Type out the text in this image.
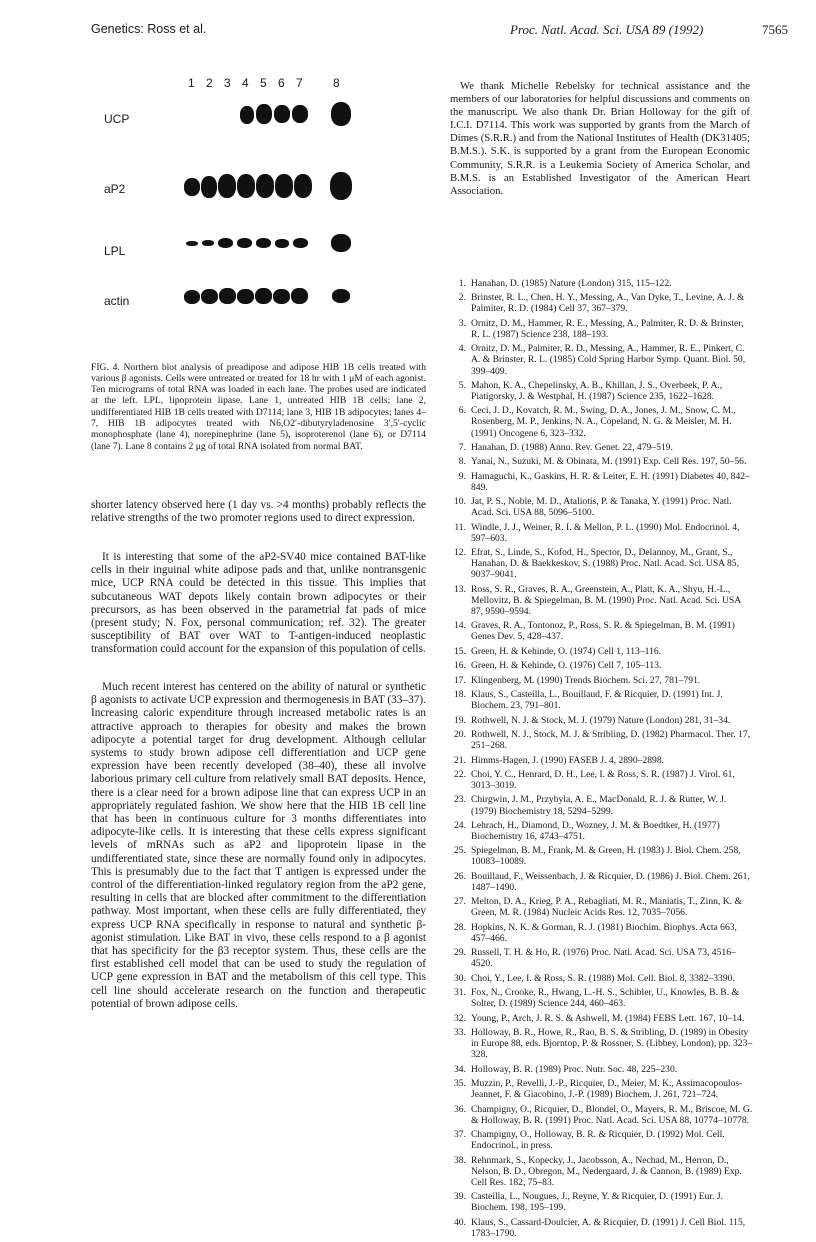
Genetics: Ross et al.	Proc. Natl. Acad. Sci. USA 89 (1992)	7565
1 2 3 4 5 6 7	8
UCP
aP2
LPL
actin

FIG. 4. Northern blot analysis of preadipose and adipose HIB 1B cells treated with various β agonists. Cells were untreated or treated for 18 hr with 1 μM of each agonist. Ten micrograms of total RNA was loaded in each lane. The probes used are indicated at the left. LPL, lipoprotein lipase. Lane 1, untreated HIB 1B cells; lane 2, undifferentiated HIB 1B cells treated with D7114; lane 3, HIB 1B adipocytes; lanes 4–7, HIB 1B adipocytes treated with N6,O2′-dibutyryladenosine 3′,5′-cyclic monophosphate (lane 4), norepinephrine (lane 5), isoproterenol (lane 6), or D7114 (lane 7). Lane 8 contains 2 μg of total RNA isolated from normal BAT.

shorter latency observed here (1 day vs. >4 months) probably reflects the relative strengths of the two promoter regions used to direct expression.

It is interesting that some of the aP2-SV40 mice contained BAT-like cells in their inguinal white adipose pads and that, unlike nontransgenic mice, UCP RNA could be detected in this tissue. This implies that subcutaneous WAT depots likely contain brown adipocytes or their precursors, as has been observed in the parametrial fat pads of mice (present study; N. Fox, personal communication; ref. 32). The greater susceptibility of BAT over WAT to T-antigen-induced neoplastic transformation could account for the expansion of this population of cells.

Much recent interest has centered on the ability of natural or synthetic β agonists to activate UCP expression and thermogenesis in BAT (33–37). Increasing caloric expenditure through increased metabolic rates is an attractive approach to therapies for obesity and makes the brown adipocyte a potential target for drug development. Although cellular systems to study brown adipose cell differentiation and UCP gene expression have been recently developed (38–40), these all involve laborious primary cell culture from relatively small BAT deposits. Hence, there is a clear need for a brown adipose line that can express UCP in an appropriately regulated fashion. We show here that the HIB 1B cell line that has been in continuous culture for 3 months differentiates into adipocyte-like cells. It is interesting that these cells express significant levels of mRNAs such as aP2 and lipoprotein lipase in the undifferentiated state, since these are normally found only in adipocytes. This is presumably due to the fact that T antigen is expressed under the control of the differentiation-linked regulatory region from the aP2 gene, resulting in cells that are blocked after commitment to the differentiation pathway. Most important, when these cells are fully differentiated, they express UCP RNA specifically in response to natural and synthetic β-agonist stimulation. Like BAT in vivo, these cells respond to a β agonist that has specificity for the β3 receptor system. Thus, these cells are the first established cell model that can be used to study the regulation of UCP gene expression in BAT and the metabolism of this cell type. This cell line should accelerate research on the function and therapeutic potential of brown adipose cells.

We thank Michelle Rebelsky for technical assistance and the members of our laboratories for helpful discussions and comments on the manuscript. We also thank Dr. Brian Holloway for the gift of I.C.I. D7114. This work was supported by grants from the March of Dimes (S.R.R.) and from the National Institutes of Health (DK31405; B.M.S.). S.K. is supported by a grant from the European Economic Community, S.R.R. is a Leukemia Society of America Scholar, and B.M.S. is an Established Investigator of the American Heart Association.

1. Hanahan, D. (1985) Nature (London) 315, 115–122.
2. Brinster, R. L., Chen, H. Y., Messing, A., Van Dyke, T., Levine, A. J. & Palmiter, R. D. (1984) Cell 37, 367–379.
3. Ornitz, D. M., Hammer, R. E., Messing, A., Palmiter, R. D. & Brinster, R. L. (1987) Science 238, 188–193.
4. Ornitz, D. M., Palmiter, R. D., Messing, A., Hammer, R. E., Pinkert, C. A. & Brinster, R. L. (1985) Cold Spring Harbor Symp. Quant. Biol. 50, 399–409.
5. Mahon, K. A., Chepelinsky, A. B., Khillan, J. S., Overbeek, P. A., Piatigorsky, J. & Westphal, H. (1987) Science 235, 1622–1628.
6. Ceci, J. D., Kovatch, R. M., Swing, D. A., Jones, J. M., Snow, C. M., Rosenberg, M. P., Jenkins, N. A., Copeland, N. G. & Meisler, M. H. (1991) Oncogene 6, 323–332.
7. Hanahan, D. (1988) Annu. Rev. Genet. 22, 479–519.
8. Yanai, N., Suzuki, M. & Obinata, M. (1991) Exp. Cell Res. 197, 50–56.
9. Hamaguchi, K., Gaskins, H. R. & Leiter, E. H. (1991) Diabetes 40, 842–849.
10. Jat, P. S., Noble, M. D., Ataliotis, P. & Tanaka, Y. (1991) Proc. Natl. Acad. Sci. USA 88, 5096–5100.
11. Windle, J. J., Weiner, R. I. & Mellon, P. L. (1990) Mol. Endocrinol. 4, 597–603.
12. Efrat, S., Linde, S., Kofod, H., Spector, D., Delannoy, M., Grant, S., Hanahan, D. & Baekkeskov, S. (1988) Proc. Natl. Acad. Sci. USA 85, 9037–9041.
13. Ross, S. R., Graves, R. A., Greenstein, A., Platt, K. A., Shyu, H.-L., Mellovitz, B. & Spiegelman, B. M. (1990) Proc. Natl. Acad. Sci. USA 87, 9590–9594.
14. Graves, R. A., Tontonoz, P., Ross, S. R. & Spiegelman, B. M. (1991) Genes Dev. 5, 428–437.
15. Green, H. & Kehinde, O. (1974) Cell 1, 113–116.
16. Green, H. & Kehinde, O. (1976) Cell 7, 105–113.
17. Klingenberg, M. (1990) Trends Biochem. Sci. 27, 781–791.
18. Klaus, S., Casteilla, L., Bouillaud, F. & Ricquier, D. (1991) Int. J. Biochem. 23, 791–801.
19. Rothwell, N. J. & Stock, M. J. (1979) Nature (London) 281, 31–34.
20. Rothwell, N. J., Stock, M. J. & Stribling, D. (1982) Pharmacol. Ther. 17, 251–268.
21. Himms-Hagen, J. (1990) FASEB J. 4, 2890–2898.
22. Choi, Y. C., Henrard, D. H., Lee, I. & Ross, S. R. (1987) J. Virol. 61, 3013–3019.
23. Chirgwin, J. M., Przybyla, A. E., MacDonald, R. J. & Rutter, W. J. (1979) Biochemistry 18, 5294–5299.
24. Lehrach, H., Diamond, D., Wozney, J. M. & Boedtker, H. (1977) Biochemistry 16, 4743–4751.
25. Spiegelman, B. M., Frank, M. & Green, H. (1983) J. Biol. Chem. 258, 10083–10089.
26. Bouillaud, F., Weissenbach, J. & Ricquier, D. (1986) J. Biol. Chem. 261, 1487–1490.
27. Melton, D. A., Krieg, P. A., Rebagliati, M. R., Maniatis, T., Zinn, K. & Green, M. R. (1984) Nucleic Acids Res. 12, 7035–7056.
28. Hopkins, N. K. & Gorman, R. J. (1981) Biochim. Biophys. Acta 663, 457–466.
29. Russell, T. H. & Ho, R. (1976) Proc. Natl. Acad. Sci. USA 73, 4516–4520.
30. Choi, Y., Lee, I. & Ross, S. R. (1988) Mol. Cell. Biol. 8, 3382–3390.
31. Fox, N., Crooke, R., Hwang, L.-H. S., Schibler, U., Knowles, B. B. & Solter, D. (1989) Science 244, 460–463.
32. Young, P., Arch, J. R. S. & Ashwell, M. (1984) FEBS Lett. 167, 10–14.
33. Holloway, B. R., Howe, R., Rao, B. S. & Stribling, D. (1989) in Obesity in Europe 88, eds. Bjorntop, P. & Rossner, S. (Libbey, London), pp. 323–328.
34. Holloway, B. R. (1989) Proc. Nutr. Soc. 48, 225–230.
35. Muzzin, P., Revelli, J.-P., Ricquier, D., Meier, M. K., Assimacopoulos-Jeannet, F. & Giacobino, J.-P. (1989) Biochem. J. 261, 721–724.
36. Champigny, O., Ricquier, D., Blondel, O., Mayers, R. M., Briscoe, M. G. & Holloway, B. R. (1991) Proc. Natl. Acad. Sci. USA 88, 10774–10778.
37. Champigny, O., Holloway, B. R. & Ricquier, D. (1992) Mol. Cell. Endocrinol., in press.
38. Rehnmark, S., Kopecky, J., Jacobsson, A., Nechad, M., Herron, D., Nelson, B. D., Obregon, M., Nedergaard, J. & Cannon, B. (1989) Exp. Cell Res. 182, 75–83.
39. Casteilla, L., Nougues, J., Reyne, Y. & Ricquier, D. (1991) Eur. J. Biochem. 198, 195–199.
40. Klaus, S., Cassard-Doulcier, A. & Ricquier, D. (1991) J. Cell Biol. 115, 1783–1790.
